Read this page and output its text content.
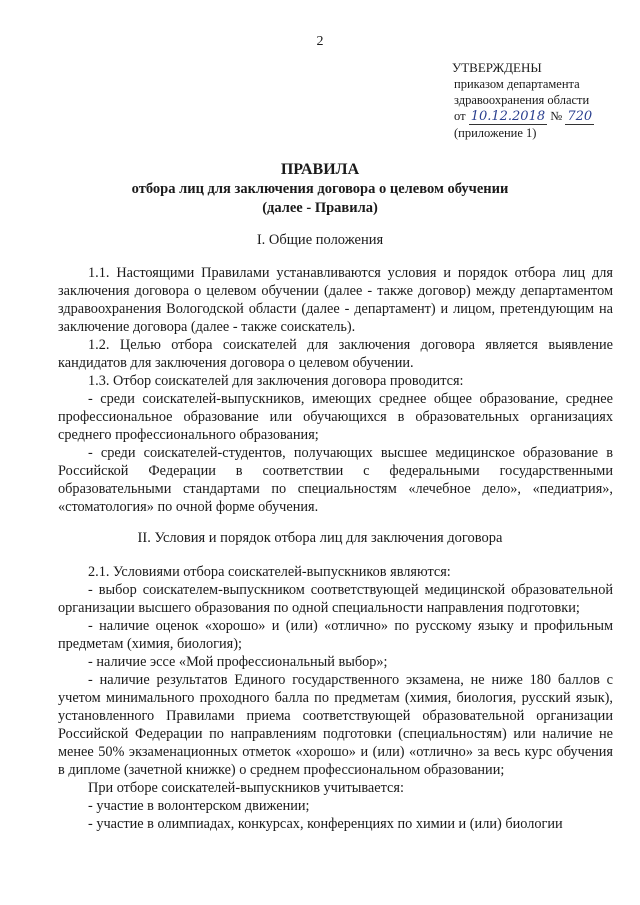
2
УТВЕРЖДЕНЫ
приказом департамента
здравоохранения области
от 10.12.2018 № 720
(приложение 1)
ПРАВИЛА
отбора лиц для заключения договора о целевом обучении
(далее - Правила)
I. Общие положения

1.1. Настоящими Правилами устанавливаются условия и порядок отбора лиц для заключения договора о целевом обучении (далее - также договор) между департаментом здравоохранения Вологодской области (далее - департамент) и лицом, претендующим на заключение договора (далее - также соискатель).

1.2. Целью отбора соискателей для заключения договора является выявление кандидатов для заключения договора о целевом обучении.

1.3. Отбор соискателей для заключения договора проводится:

- среди соискателей-выпускников, имеющих среднее общее образование, среднее профессиональное образование или обучающихся в образовательных организациях среднего профессионального образования;

- среди соискателей-студентов, получающих высшее медицинское образование в Российской Федерации в соответствии с федеральными государственными образовательными стандартами по специальностям «лечебное дело», «педиатрия», «стоматология» по очной форме обучения.

II. Условия и порядок отбора лиц для заключения договора

2.1. Условиями отбора соискателей-выпускников являются:

- выбор соискателем-выпускником соответствующей медицинской образовательной организации высшего образования по одной специальности направления подготовки;

- наличие оценок «хорошо» и (или) «отлично» по русскому языку и профильным предметам (химия, биология);

- наличие эссе «Мой профессиональный выбор»;

- наличие результатов Единого государственного экзамена, не ниже 180 баллов с учетом минимального проходного балла по предметам (химия, биология, русский язык), установленного Правилами приема соответствующей образовательной организации Российской Федерации по направлениям подготовки (специальностям) или наличие не менее 50% экзаменационных отметок «хорошо» и (или) «отлично» за весь курс обучения в дипломе (зачетной книжке) о среднем профессиональном образовании;

При отборе соискателей-выпускников учитывается:

- участие в волонтерском движении;

- участие в олимпиадах, конкурсах, конференциях по химии и (или) биологии
